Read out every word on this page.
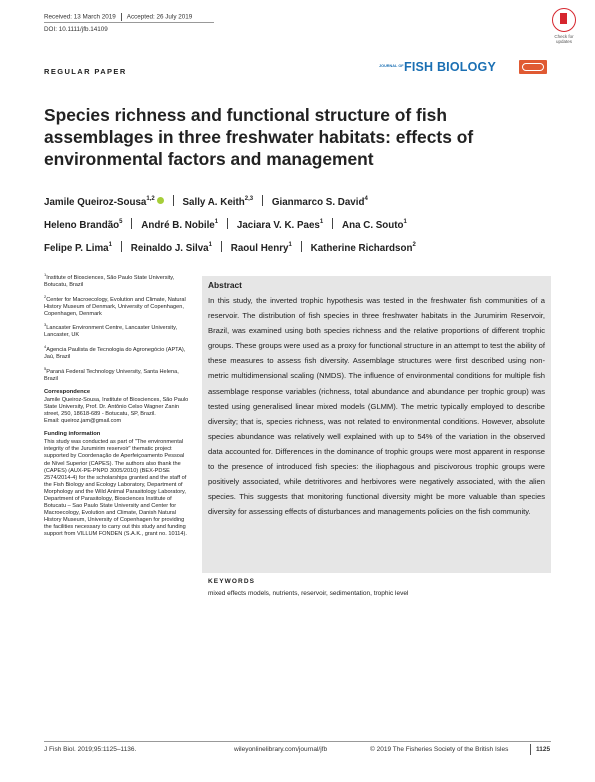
Received: 13 March 2019 Accepted: 26 July 2019
DOI: 10.1111/jfb.14109
Check for updates
REGULAR PAPER
JOURNAL OF FISH BIOLOGY
Species richness and functional structure of fish assemblages in three freshwater habitats: effects of environmental factors and management
Jamile Queiroz-Sousa$^{1,2}$	Sally A. Keith$^{2,3}$ Gianmarco S. David$^4$
Heleno Brandão$^5$ André B. Nobile$^1$ Jaciara V. K. Paes$^1$ Ana C. Souto$^1$
Felipe P. Lima$^1$ Reinaldo J. Silva$^1$ Raoul Henry$^1$ Katherine Richardson$^2$
$^1$Institute of Biosciences, São Paulo State University, Botucatu, Brazil
$^2$Center for Macroecology, Evolution and Climate, Natural History Museum of Denmark, University of Copenhagen, Copenhagen, Denmark
$^3$Lancaster Environment Centre, Lancaster University, Lancaster, UK
$^4$Agencia Paulista de Tecnologia do Agronegócio (APTA), Jaú, Brazil
$^5$Paraná Federal Technology University, Santa Helena, Brazil
Correspondence
Jamile Queiroz-Sousa, Institute of Biosciences, São Paulo State University, Prof. Dr. Antônio Celso Wagner Zanin street, 250, 18618-689 - Botucatu, SP, Brazil.
Email: queiroz.jam@gmail.com
Funding information
This study was conducted as part of "The environmental integrity of the Jurumirim reservoir" thematic project supported by Coordenação de Aperfeiçoamento Pessoal de Nível Superior (CAPES). The authors also thank the (CAPES) (AUX-PE-PNPD 3005/2010) (BEX-PDSE 2574/2014-4) for the scholarships granted and the staff of the Fish Biology and Ecology Laboratory, Department of Morphology and the Wild Animal Parasitology Laboratory, Department of Parasitology, Biosciences Institute of Botucatu – Sao Paulo State University and Center for Macroecology, Evolution and Climate, Danish Natural History Museum, University of Copenhagen for providing the facilities necessary to carry out this study and funding support from VILLUM FONDEN (S.A.K., grant no. 10114).
Abstract
In this study, the inverted trophic hypothesis was tested in the freshwater fish communities of a reservoir. The distribution of fish species in three freshwater habitats in the Jurumirim Reservoir, Brazil, was examined using both species richness and the relative proportions of different trophic groups. These groups were used as a proxy for functional structure in an attempt to test the ability of these measures to assess fish diversity. Assemblage structures were first described using non-metric multidimensional scaling (NMDS). The influence of environmental conditions for multiple fish assemblage response variables (richness, total abundance and abundance per trophic group) was tested using generalised linear mixed models (GLMM). The metric typically employed to describe diversity; that is, species richness, was not related to environmental conditions. However, absolute species abundance was relatively well explained with up to 54% of the variation in the observed data accounted for. Differences in the dominance of trophic groups were most apparent in response to the presence of introduced fish species: the iliophagous and piscivorous trophic groups were positively associated, while detritivores and herbivores were negatively associated, with the alien species. This suggests that monitoring functional diversity might be more valuable than species diversity for assessing effects of disturbances and managements policies on the fish community.
KEYWORDS
mixed effects models, nutrients, reservoir, sedimentation, trophic level
J Fish Biol. 2019;95:1125–1136.	wileyonlinelibrary.com/journal/jfb	© 2019 The Fisheries Society of the British Isles	1125
